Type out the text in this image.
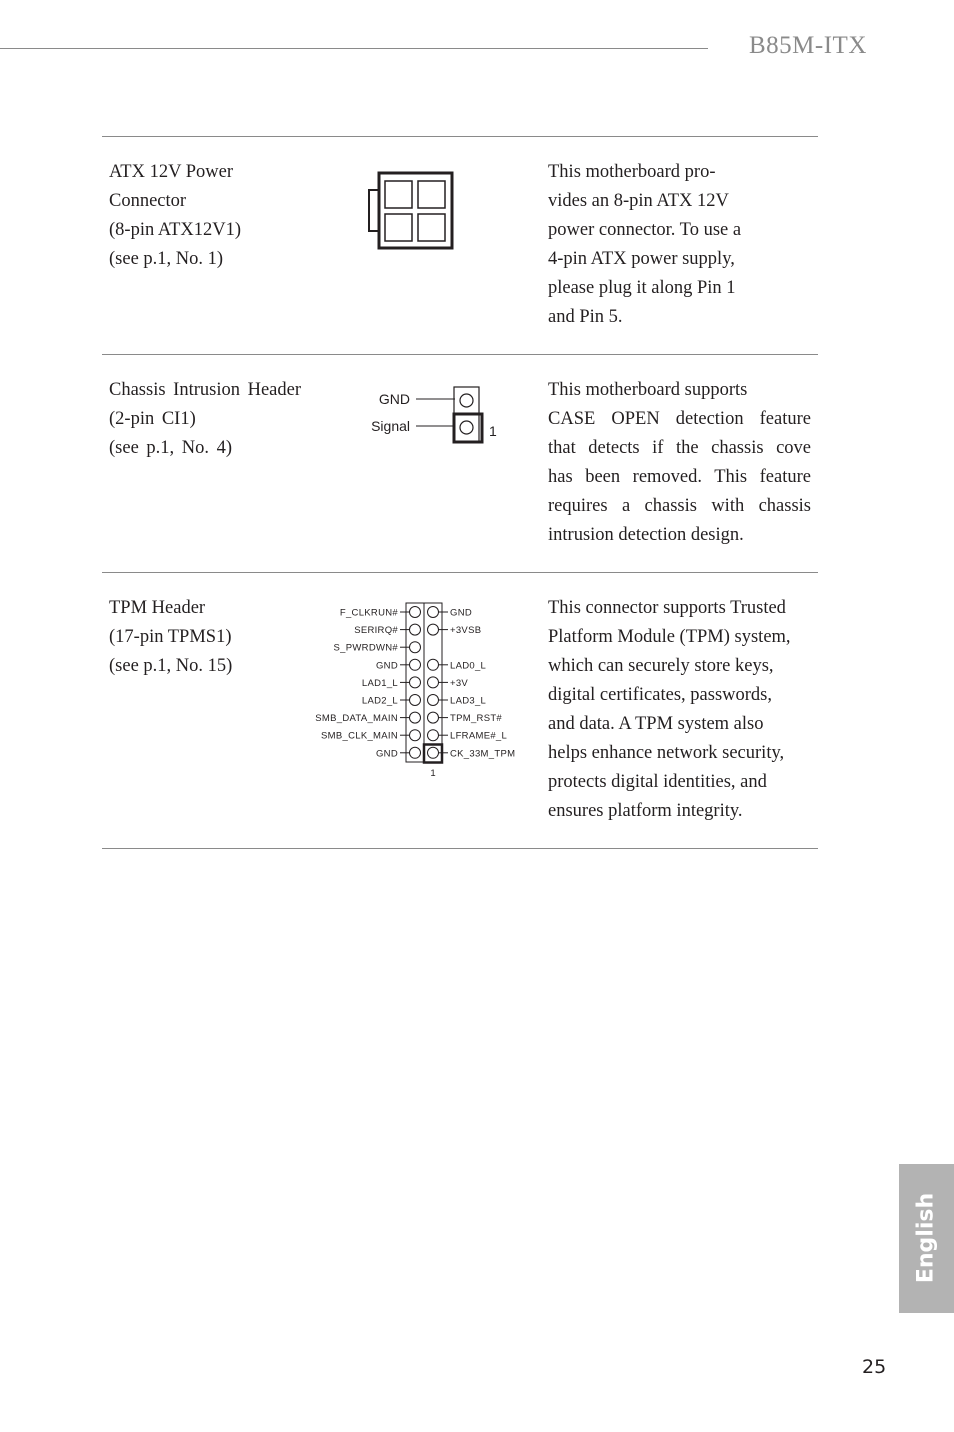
B85M-ITX
ATX 12V Power
Connector
(8-pin ATX12V1)
(see p.1, No. 1)
This motherboard pro-
vides an 8-pin ATX 12V
power connector. To use a
4-pin ATX power supply,
please plug it along Pin 1
and Pin 5.
Chassis Intrusion Header
(2-pin CI1)
(see p.1, No. 4)
GND
Signal	1
This motherboard supports
CASE OPEN detection feature
that detects if the chassis cove
has been removed. This feature
requires a chassis with chassis
intrusion detection design.
TPM Header
(17-pin TPMS1)
(see p.1, No. 15)
F_CLKRUN#
SERIRQ#
S_PWRDWN#
GND
LAD1_L
LAD2_L
SMB_DATA_MAIN
SMB_CLK_MAIN
GND
GND
+3VSB
LAD0_L
+3V
LAD3_L
TPM_RST#
LFRAME#_L
CK_33M_TPM
1
This connector supports Trusted
Platform Module (TPM) system,
which can securely store keys,
digital certificates, passwords,
and data. A TPM system also
helps enhance network security,
protects digital identities, and
ensures platform integrity.
English
25
